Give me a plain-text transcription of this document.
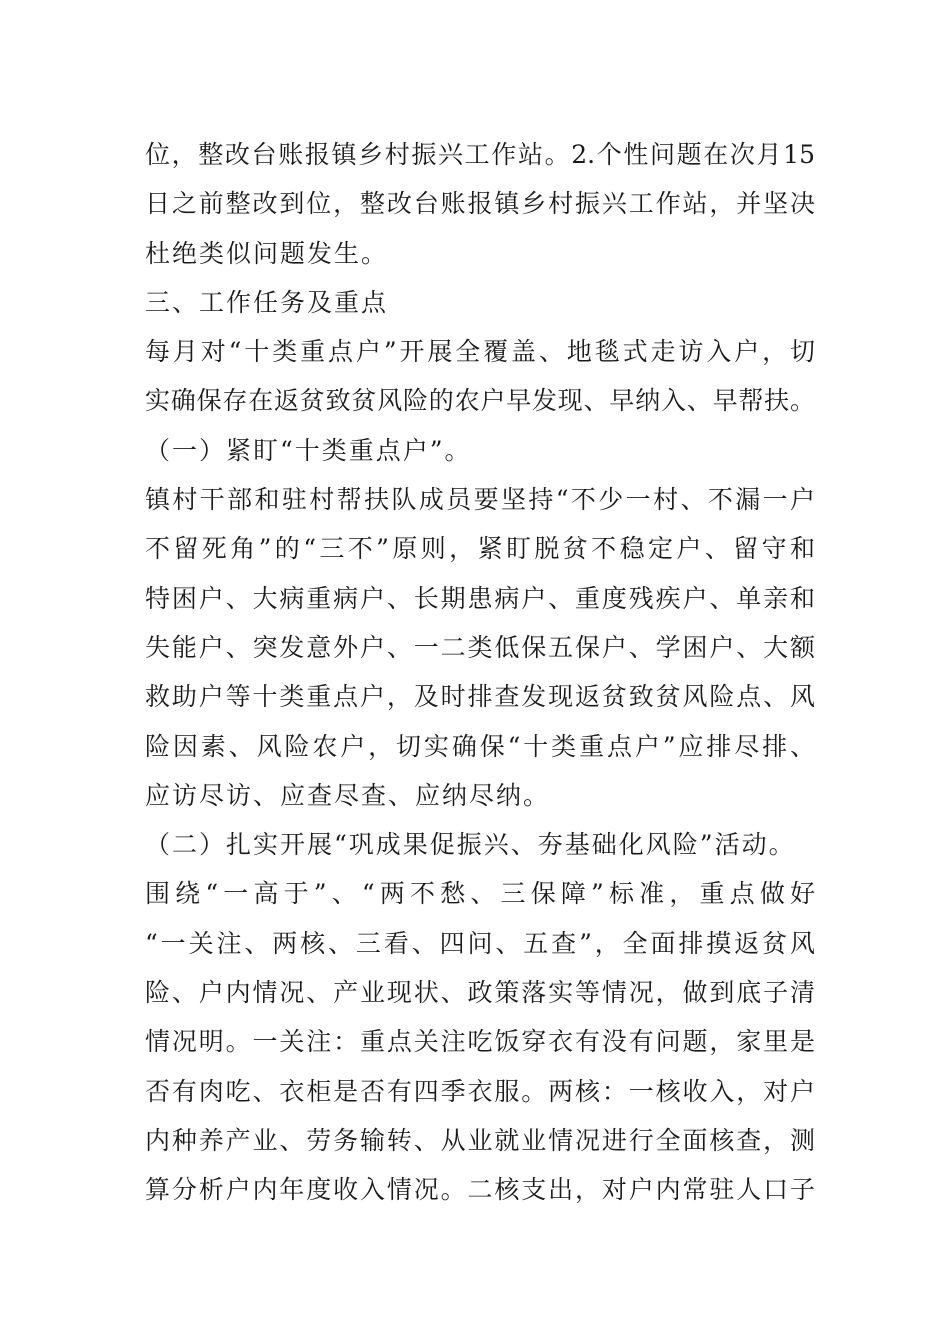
位，整改台账报镇乡村振兴工作站。2.个性问题在次月15
日之前整改到位，整改台账报镇乡村振兴工作站，并坚决
杜绝类似问题发生。
三、工作任务及重点
每月对“十类重点户”开展全覆盖、地毯式走访入户，切
实确保存在返贫致贫风险的农户早发现、早纳入、早帮扶。
（一）紧盯“十类重点户”。
镇村干部和驻村帮扶队成员要坚持“不少一村、不漏一户
不留死角”的“三不”原则，紧盯脱贫不稳定户、留守和
特困户、大病重病户、长期患病户、重度残疾户、单亲和
失能户、突发意外户、一二类低保五保户、学困户、大额
救助户等十类重点户，及时排查发现返贫致贫风险点、风
险因素、风险农户，切实确保“十类重点户”应排尽排、
应访尽访、应查尽查、应纳尽纳。
（二）扎实开展“巩成果促振兴、夯基础化风险”活动。
围绕“一高于”、“两不愁、三保障”标准，重点做好
“一关注、两核、三看、四问、五查”，全面排摸返贫风
险、户内情况、产业现状、政策落实等情况，做到底子清
情况明。一关注：重点关注吃饭穿衣有没有问题，家里是
否有肉吃、衣柜是否有四季衣服。两核：一核收入，对户
内种养产业、劳务输转、从业就业情况进行全面核查，测
算分析户内年度收入情况。二核支出，对户内常驻人口子
